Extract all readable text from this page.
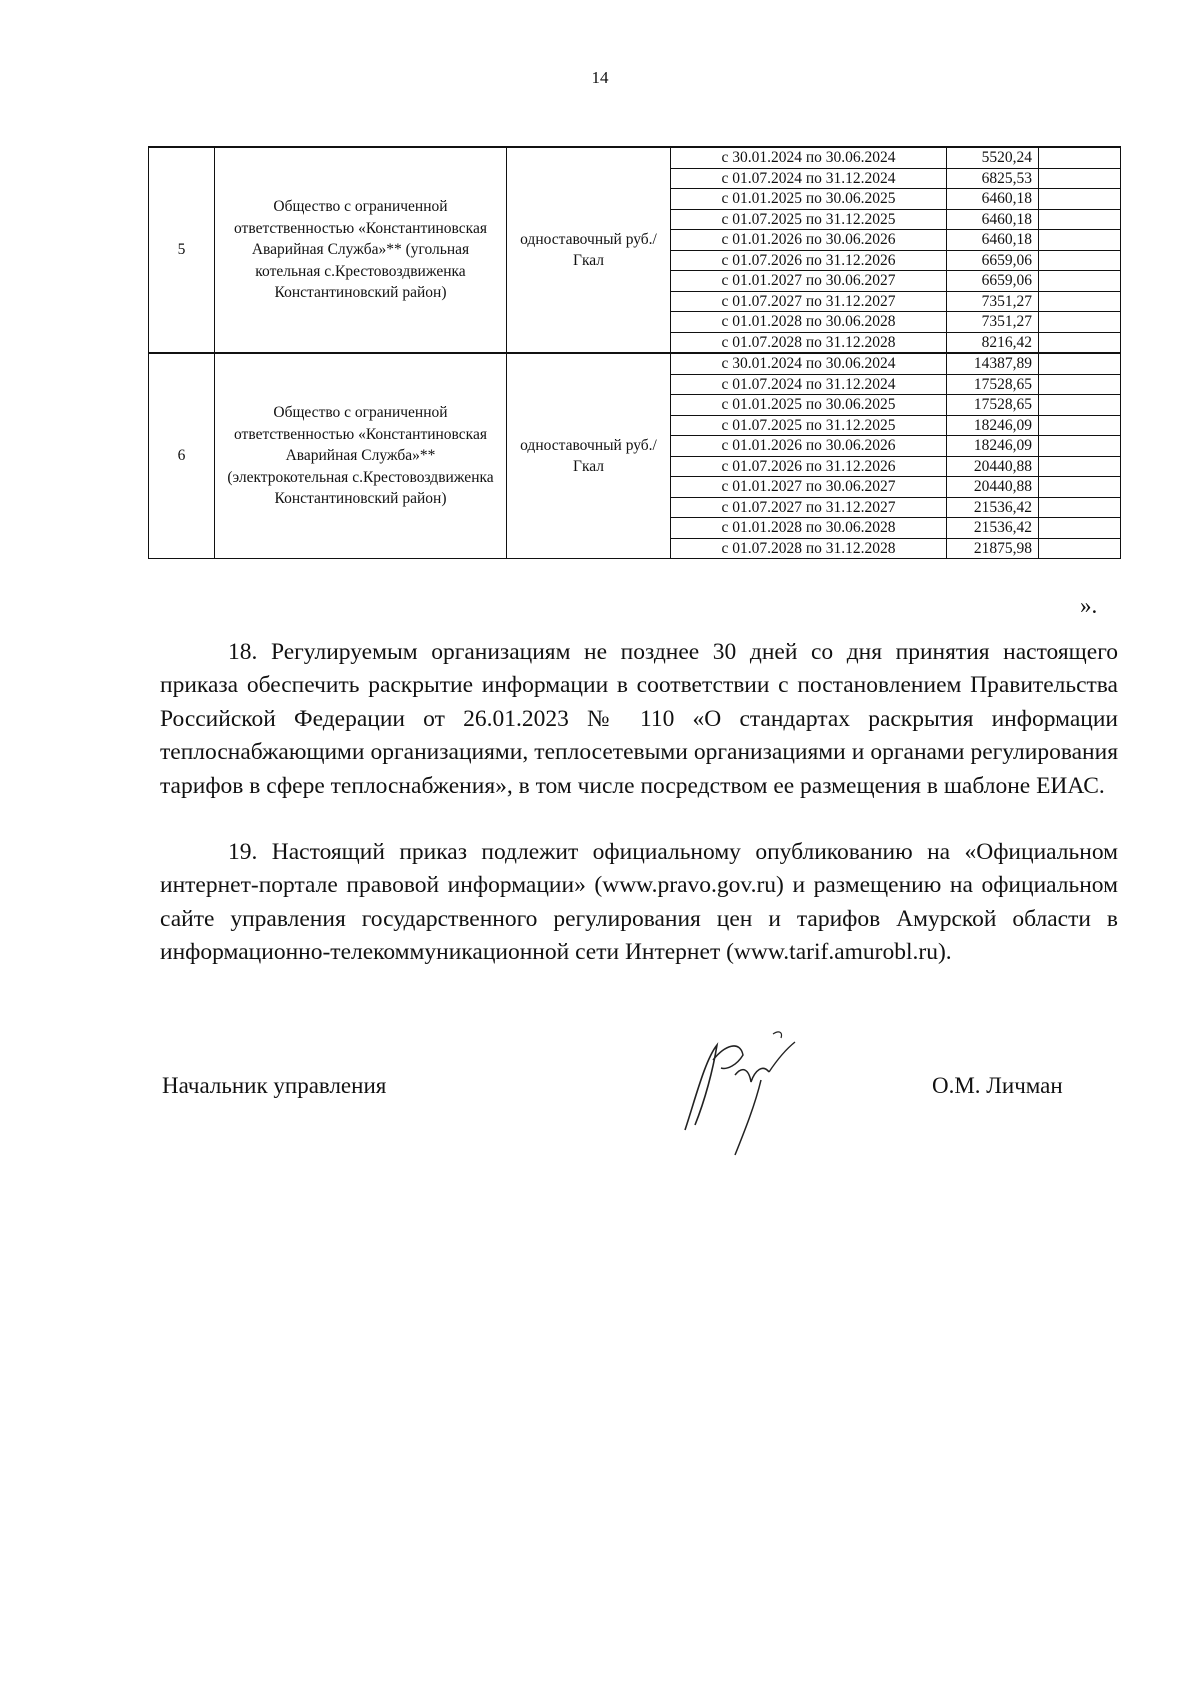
14
5	Общество с ограниченной ответственностью «Константиновская Аварийная Служба»** (угольная котельная с.Крестовоздвиженка Константиновский район)	одноставочный руб./Гкал	с 30.01.2024 по 30.06.2024	5520,24	
			с 01.07.2024 по 31.12.2024	6825,53	
			с 01.01.2025 по 30.06.2025	6460,18	
			с 01.07.2025 по 31.12.2025	6460,18	
			с 01.01.2026 по 30.06.2026	6460,18	
			с 01.07.2026 по 31.12.2026	6659,06	
			с 01.01.2027 по 30.06.2027	6659,06	
			с 01.07.2027 по 31.12.2027	7351,27	
			с 01.01.2028 по 30.06.2028	7351,27	
			с 01.07.2028 по 31.12.2028	8216,42	
6	Общество с ограниченной ответственностью «Константиновская Аварийная Служба»** (электрокотельная с.Крестовоздвиженка Константиновский район)	одноставочный руб./Гкал	с 30.01.2024 по 30.06.2024	14387,89	
			с 01.07.2024 по 31.12.2024	17528,65	
			с 01.01.2025 по 30.06.2025	17528,65	
			с 01.07.2025 по 31.12.2025	18246,09	
			с 01.01.2026 по 30.06.2026	18246,09	
			с 01.07.2026 по 31.12.2026	20440,88	
			с 01.01.2027 по 30.06.2027	20440,88	
			с 01.07.2027 по 31.12.2027	21536,42	
			с 01.01.2028 по 30.06.2028	21536,42	
			с 01.07.2028 по 31.12.2028	21875,98	
».

18. Регулируемым организациям не позднее 30 дней со дня принятия настоящего приказа обеспечить раскрытие информации в соответствии с постановлением Правительства Российской Федерации от 26.01.2023 № 110 «О стандартах раскрытия информации теплоснабжающими организациями, теплосетевыми организациями и органами регулирования тарифов в сфере теплоснабжения», в том числе посредством ее размещения в шаблоне ЕИАС.

19. Настоящий приказ подлежит официальному опубликованию на «Официальном интернет-портале правовой информации» (www.pravo.gov.ru) и размещению на официальном сайте управления государственного регулирования цен и тарифов Амурской области в информационно-телекоммуникационной сети Интернет (www.tarif.amurobl.ru).

Начальник управления	О.М. Личман
